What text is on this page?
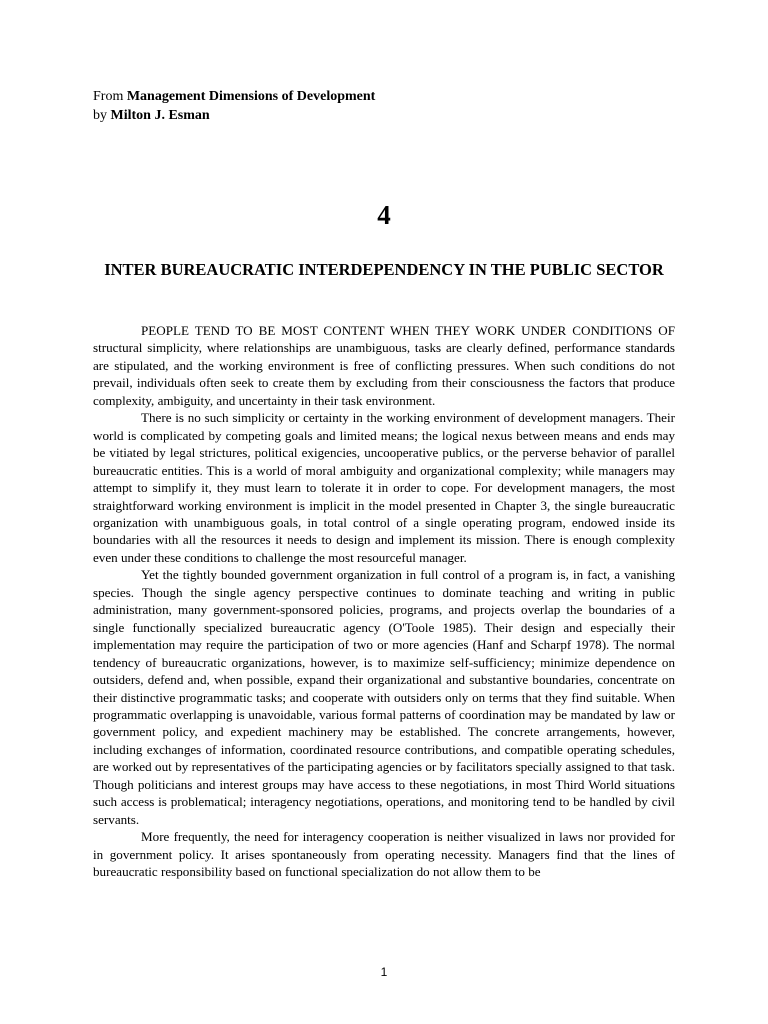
From Management Dimensions of Development
by Milton J. Esman
4
INTER BUREAUCRATIC INTERDEPENDENCY IN THE PUBLIC SECTOR

PEOPLE TEND TO BE MOST CONTENT WHEN THEY WORK UNDER CONDITIONS OF structural simplicity, where relationships are unambiguous, tasks are clearly defined, performance standards are stipulated, and the working environment is free of conflicting pressures. When such conditions do not prevail, individuals often seek to create them by excluding from their consciousness the factors that produce complexity, ambiguity, and uncertainty in their task environment.

There is no such simplicity or certainty in the working environment of development managers. Their world is complicated by competing goals and limited means; the logical nexus between means and ends may be vitiated by legal strictures, political exigencies, uncooperative publics, or the perverse behavior of parallel bureaucratic entities. This is a world of moral ambiguity and organizational complexity; while managers may attempt to simplify it, they must learn to tolerate it in order to cope. For development managers, the most straightforward working environment is implicit in the model presented in Chapter 3, the single bureaucratic organization with unambiguous goals, in total control of a single operating program, endowed inside its boundaries with all the resources it needs to design and implement its mission. There is enough complexity even under these conditions to challenge the most resourceful manager.

Yet the tightly bounded government organization in full control of a program is, in fact, a vanishing species. Though the single agency perspective continues to dominate teaching and writing in public administration, many government-sponsored policies, programs, and projects overlap the boundaries of a single functionally specialized bureaucratic agency (O'Toole 1985). Their design and especially their implementation may require the participation of two or more agencies (Hanf and Scharpf 1978). The normal tendency of bureaucratic organizations, however, is to maximize self-sufficiency; minimize dependence on outsiders, defend and, when possible, expand their organizational and substantive boundaries, concentrate on their distinctive programmatic tasks; and cooperate with outsiders only on terms that they find suitable. When programmatic overlapping is unavoidable, various formal patterns of coordination may be mandated by law or government policy, and expedient machinery may be established. The concrete arrangements, however, including exchanges of information, coordinated resource contributions, and compatible operating schedules, are worked out by representatives of the participating agencies or by facilitators specially assigned to that task. Though politicians and interest groups may have access to these negotiations, in most Third World situations such access is problematical; interagency negotiations, operations, and monitoring tend to be handled by civil servants.

More frequently, the need for interagency cooperation is neither visualized in laws nor provided for in government policy. It arises spontaneously from operating necessity. Managers find that the lines of bureaucratic responsibility based on functional specialization do not allow them to be

1
